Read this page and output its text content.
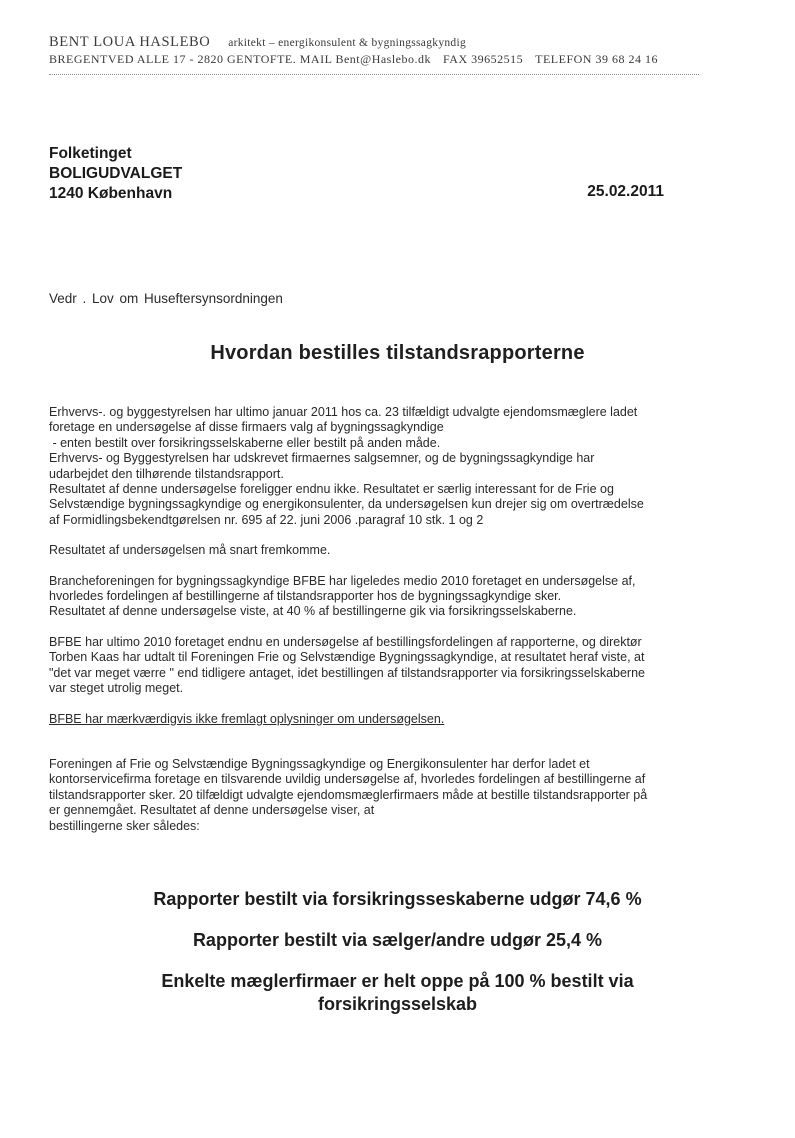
BENT LOUA HASLEBO arkitekt – energikonsulent & bygningssagkyndig
BREGENTVED ALLE 17 - 2820 GENTOFTE. MAIL Bent@Haslebo.dk FAX 39652515 TELEFON 39 68 24 16
Folketinget
BOLIGUDVALGET
1240 København	25.02.2011
Vedr . Lov om Huseftersynsordningen
Hvordan bestilles tilstandsrapporterne
Erhvervs-. og byggestyrelsen har ultimo januar 2011 hos ca. 23 tilfældigt udvalgte ejendomsmæglere ladet
foretage en undersøgelse af disse firmaers valg af bygningssagkyndige
- enten bestilt over forsikringsselskaberne eller bestilt på anden måde.
Erhvervs- og Byggestyrelsen har udskrevet firmaernes salgsemner, og de bygningssagkyndige har
udarbejdet den tilhørende tilstandsrapport.
Resultatet af denne undersøgelse foreligger endnu ikke. Resultatet er særlig interessant for de Frie og
Selvstændige bygningssagkyndige og energikonsulenter, da undersøgelsen kun drejer sig om overtrædelse
af Formidlingsbekendtgørelsen nr. 695 af 22. juni 2006 .paragraf 10 stk. 1 og 2
Resultatet af undersøgelsen må snart fremkomme.
Brancheforeningen for bygningssagkyndige BFBE har ligeledes medio 2010 foretaget en undersøgelse af,
hvorledes fordelingen af bestillingerne af tilstandsrapporter hos de bygningssagkyndige sker.
Resultatet af denne undersøgelse viste, at 40 % af bestillingerne gik via forsikringsselskaberne.
BFBE har ultimo 2010 foretaget endnu en undersøgelse af bestillingsfordelingen af rapporterne, og direktør
Torben Kaas har udtalt til Foreningen Frie og Selvstændige Bygningssagkyndige, at resultatet heraf viste, at
"det var meget værre " end tidligere antaget, idet bestillingen af tilstandsrapporter via forsikringsselskaberne
var steget utrolig meget.
BFBE har mærkværdigvis ikke fremlagt oplysninger om undersøgelsen.
Foreningen af Frie og Selvstændige Bygningssagkyndige og Energikonsulenter har derfor ladet et
kontorservicefirma foretage en tilsvarende uvildig undersøgelse af, hvorledes fordelingen af bestillingerne af
tilstandsrapporter sker. 20 tilfældigt udvalgte ejendomsmæglerfirmaers måde at bestille tilstandsrapporter på
er gennemgået. Resultatet af denne undersøgelse viser, at
bestillingerne sker således:
Rapporter bestilt via forsikringsseskaberne udgør 74,6 %
Rapporter bestilt via sælger/andre udgør 25,4 %
Enkelte mæglerfirmaer er helt oppe på 100 % bestilt via
forsikringsselskab
